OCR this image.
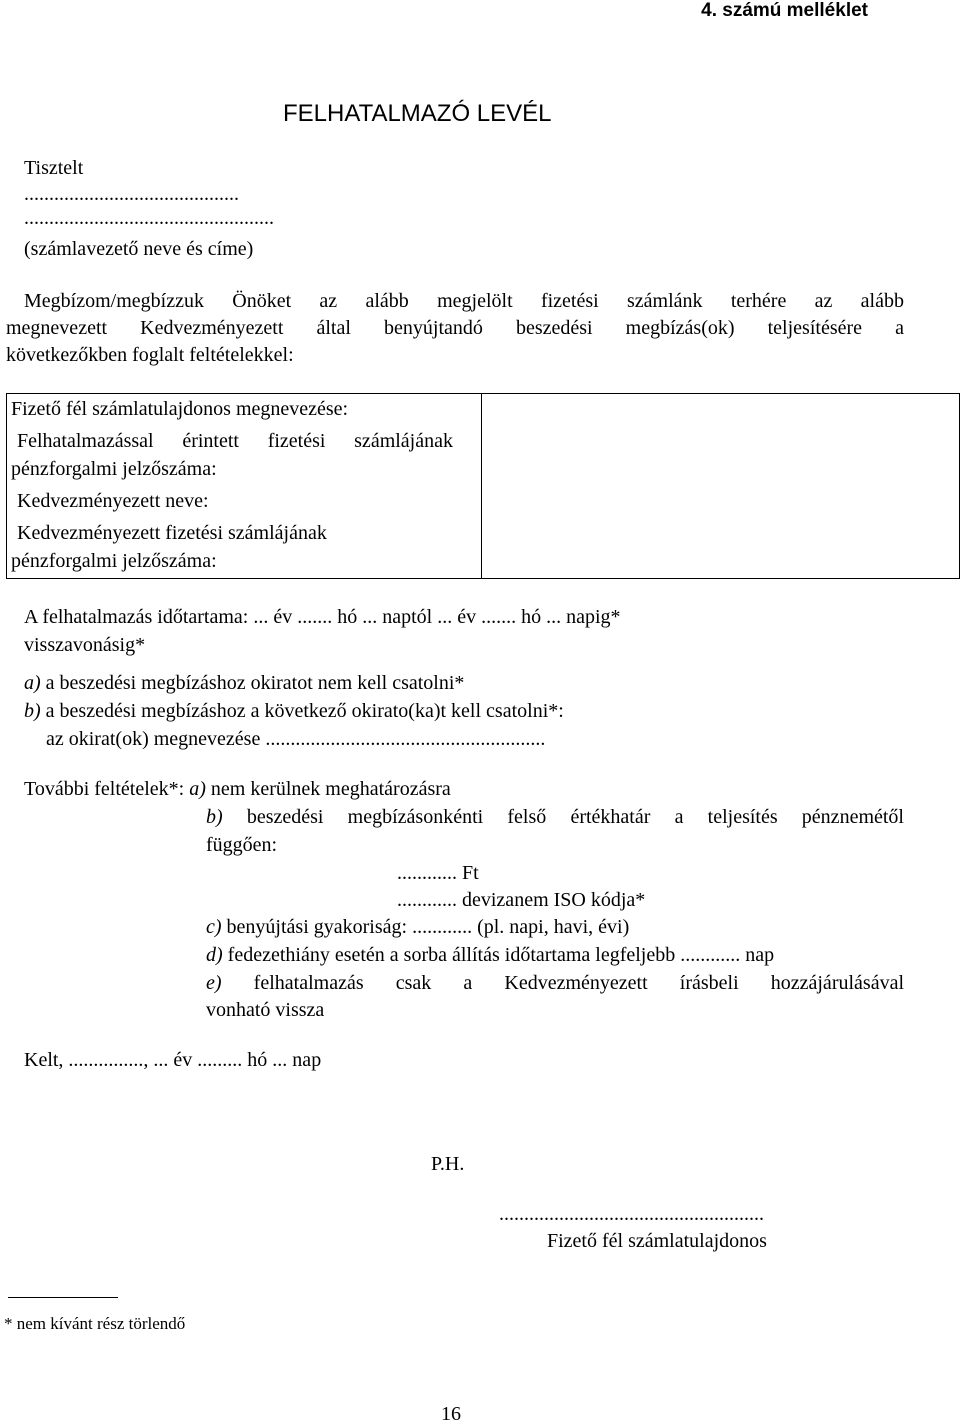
4. számú melléklet
FELHATALMAZÓ LEVÉL
Tisztelt
...........................................
..................................................
(számlavezető neve és címe)
Megbízom/megbízzuk Önöket az alább megjelölt fizetési számlánk terhére az alább
megnevezett Kedvezményezett által benyújtandó beszedési megbízás(ok) teljesítésére a
következőkben foglalt feltételekkel:
Fizető fél számlatulajdonos megnevezése:
Felhatalmazással érintett fizetési számlájának
pénzforgalmi jelzőszáma:
Kedvezményezett neve:
Kedvezményezett fizetési számlájának
pénzforgalmi jelzőszáma:
A felhatalmazás időtartama: ... év ....... hó ... naptól ... év ....... hó ... napig*
visszavonásig*
a) a beszedési megbízáshoz okiratot nem kell csatolni*
b) a beszedési megbízáshoz a következő okirato(ka)t kell csatolni*:
az okirat(ok) megnevezése ........................................................
További feltételek*: a) nem kerülnek meghatározásra
b) beszedési megbízásonkénti felső értékhatár a teljesítés pénznemétől
függően:
............ Ft
............ devizanem ISO kódja*
c) benyújtási gyakoriság: ............ (pl. napi, havi, évi)
d) fedezethiány esetén a sorba állítás időtartama legfeljebb ............ nap
e) felhatalmazás csak a Kedvezményezett írásbeli hozzájárulásával
vonható vissza
Kelt, ..............., ... év ......... hó ... nap
P.H.
.....................................................
Fizető fél számlatulajdonos
* nem kívánt rész törlendő
16
